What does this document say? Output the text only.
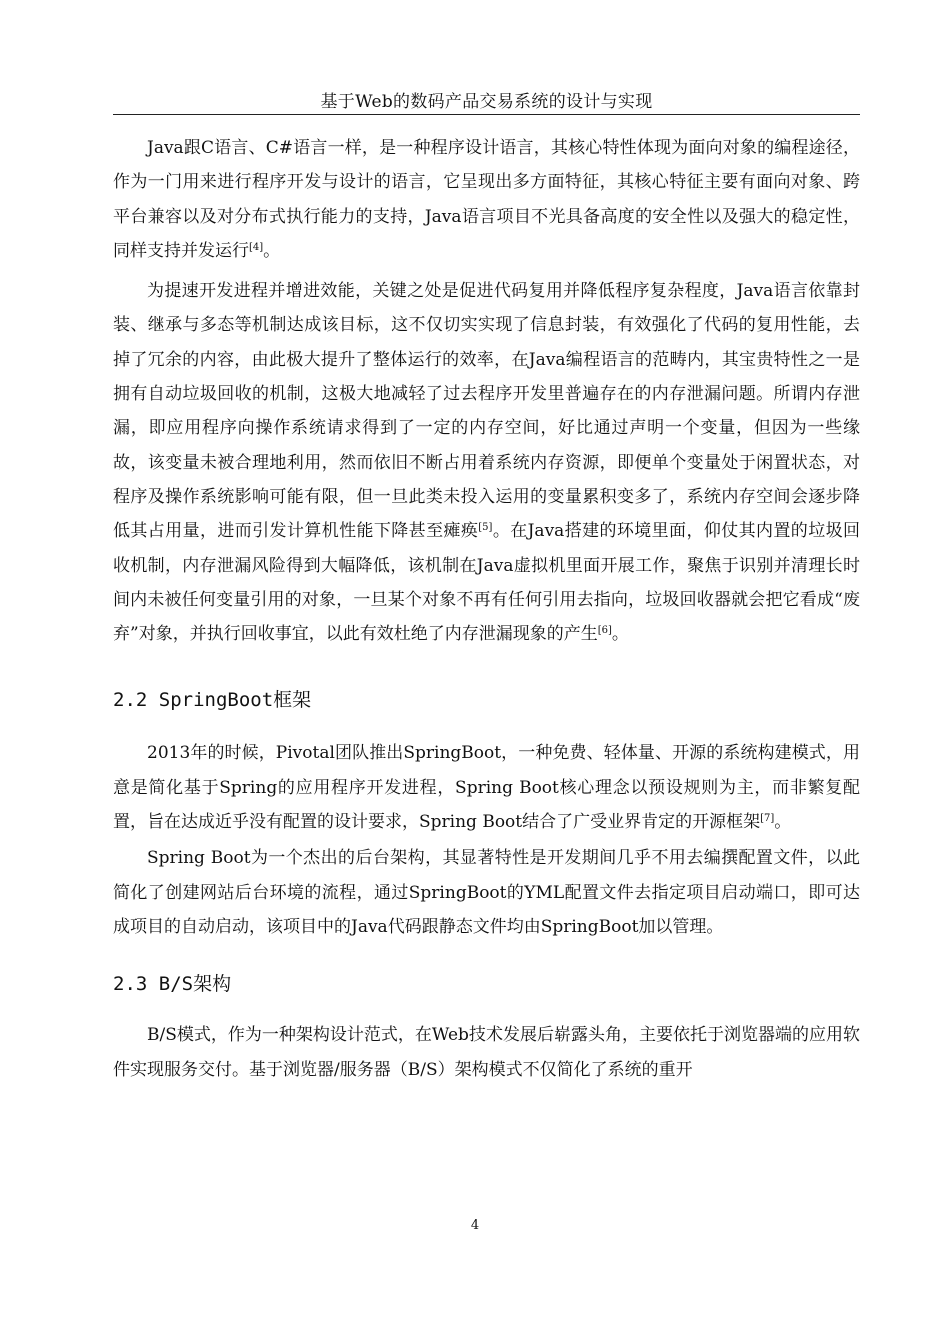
基于Web的数码产品交易系统的设计与实现

Java跟C语言、C#语言一样，是一种程序设计语言，其核心特性体现为面向对象的编程途径，作为一门用来进行程序开发与设计的语言，它呈现出多方面特征，其核心特征主要有面向对象、跨平台兼容以及对分布式执行能力的支持，Java语言项目不光具备高度的安全性以及强大的稳定性，同样支持并发运行[4]。

为提速开发进程并增进效能，关键之处是促进代码复用并降低程序复杂程度，Java语言依靠封装、继承与多态等机制达成该目标，这不仅切实实现了信息封装，有效强化了代码的复用性能，去掉了冗余的内容，由此极大提升了整体运行的效率，在Java编程语言的范畴内，其宝贵特性之一是拥有自动垃圾回收的机制，这极大地减轻了过去程序开发里普遍存在的内存泄漏问题。所谓内存泄漏，即应用程序向操作系统请求得到了一定的内存空间，好比通过声明一个变量，但因为一些缘故，该变量未被合理地利用，然而依旧不断占用着系统内存资源，即便单个变量处于闲置状态，对程序及操作系统影响可能有限，但一旦此类未投入运用的变量累积变多了，系统内存空间会逐步降低其占用量，进而引发计算机性能下降甚至瘫痪[5]。在Java搭建的环境里面，仰仗其内置的垃圾回收机制，内存泄漏风险得到大幅降低，该机制在Java虚拟机里面开展工作，聚焦于识别并清理长时间内未被任何变量引用的对象，一旦某个对象不再有任何引用去指向，垃圾回收器就会把它看成“废弃”对象，并执行回收事宜，以此有效杜绝了内存泄漏现象的产生[6]。

2.2 SpringBoot框架

2013年的时候，Pivotal团队推出SpringBoot，一种免费、轻体量、开源的系统构建模式，用意是简化基于Spring的应用程序开发进程，Spring Boot核心理念以预设规则为主，而非繁复配置，旨在达成近乎没有配置的设计要求，Spring Boot结合了广受业界肯定的开源框架[7]。

Spring Boot为一个杰出的后台架构，其显著特性是开发期间几乎不用去编撰配置文件，以此简化了创建网站后台环境的流程，通过SpringBoot的YML配置文件去指定项目启动端口，即可达成项目的自动启动，该项目中的Java代码跟静态文件均由SpringBoot加以管理。

2.3 B/S架构

B/S模式，作为一种架构设计范式，在Web技术发展后崭露头角，主要依托于浏览器端的应用软件实现服务交付。基于浏览器/服务器（B/S）架构模式不仅简化了系统的重开

4
